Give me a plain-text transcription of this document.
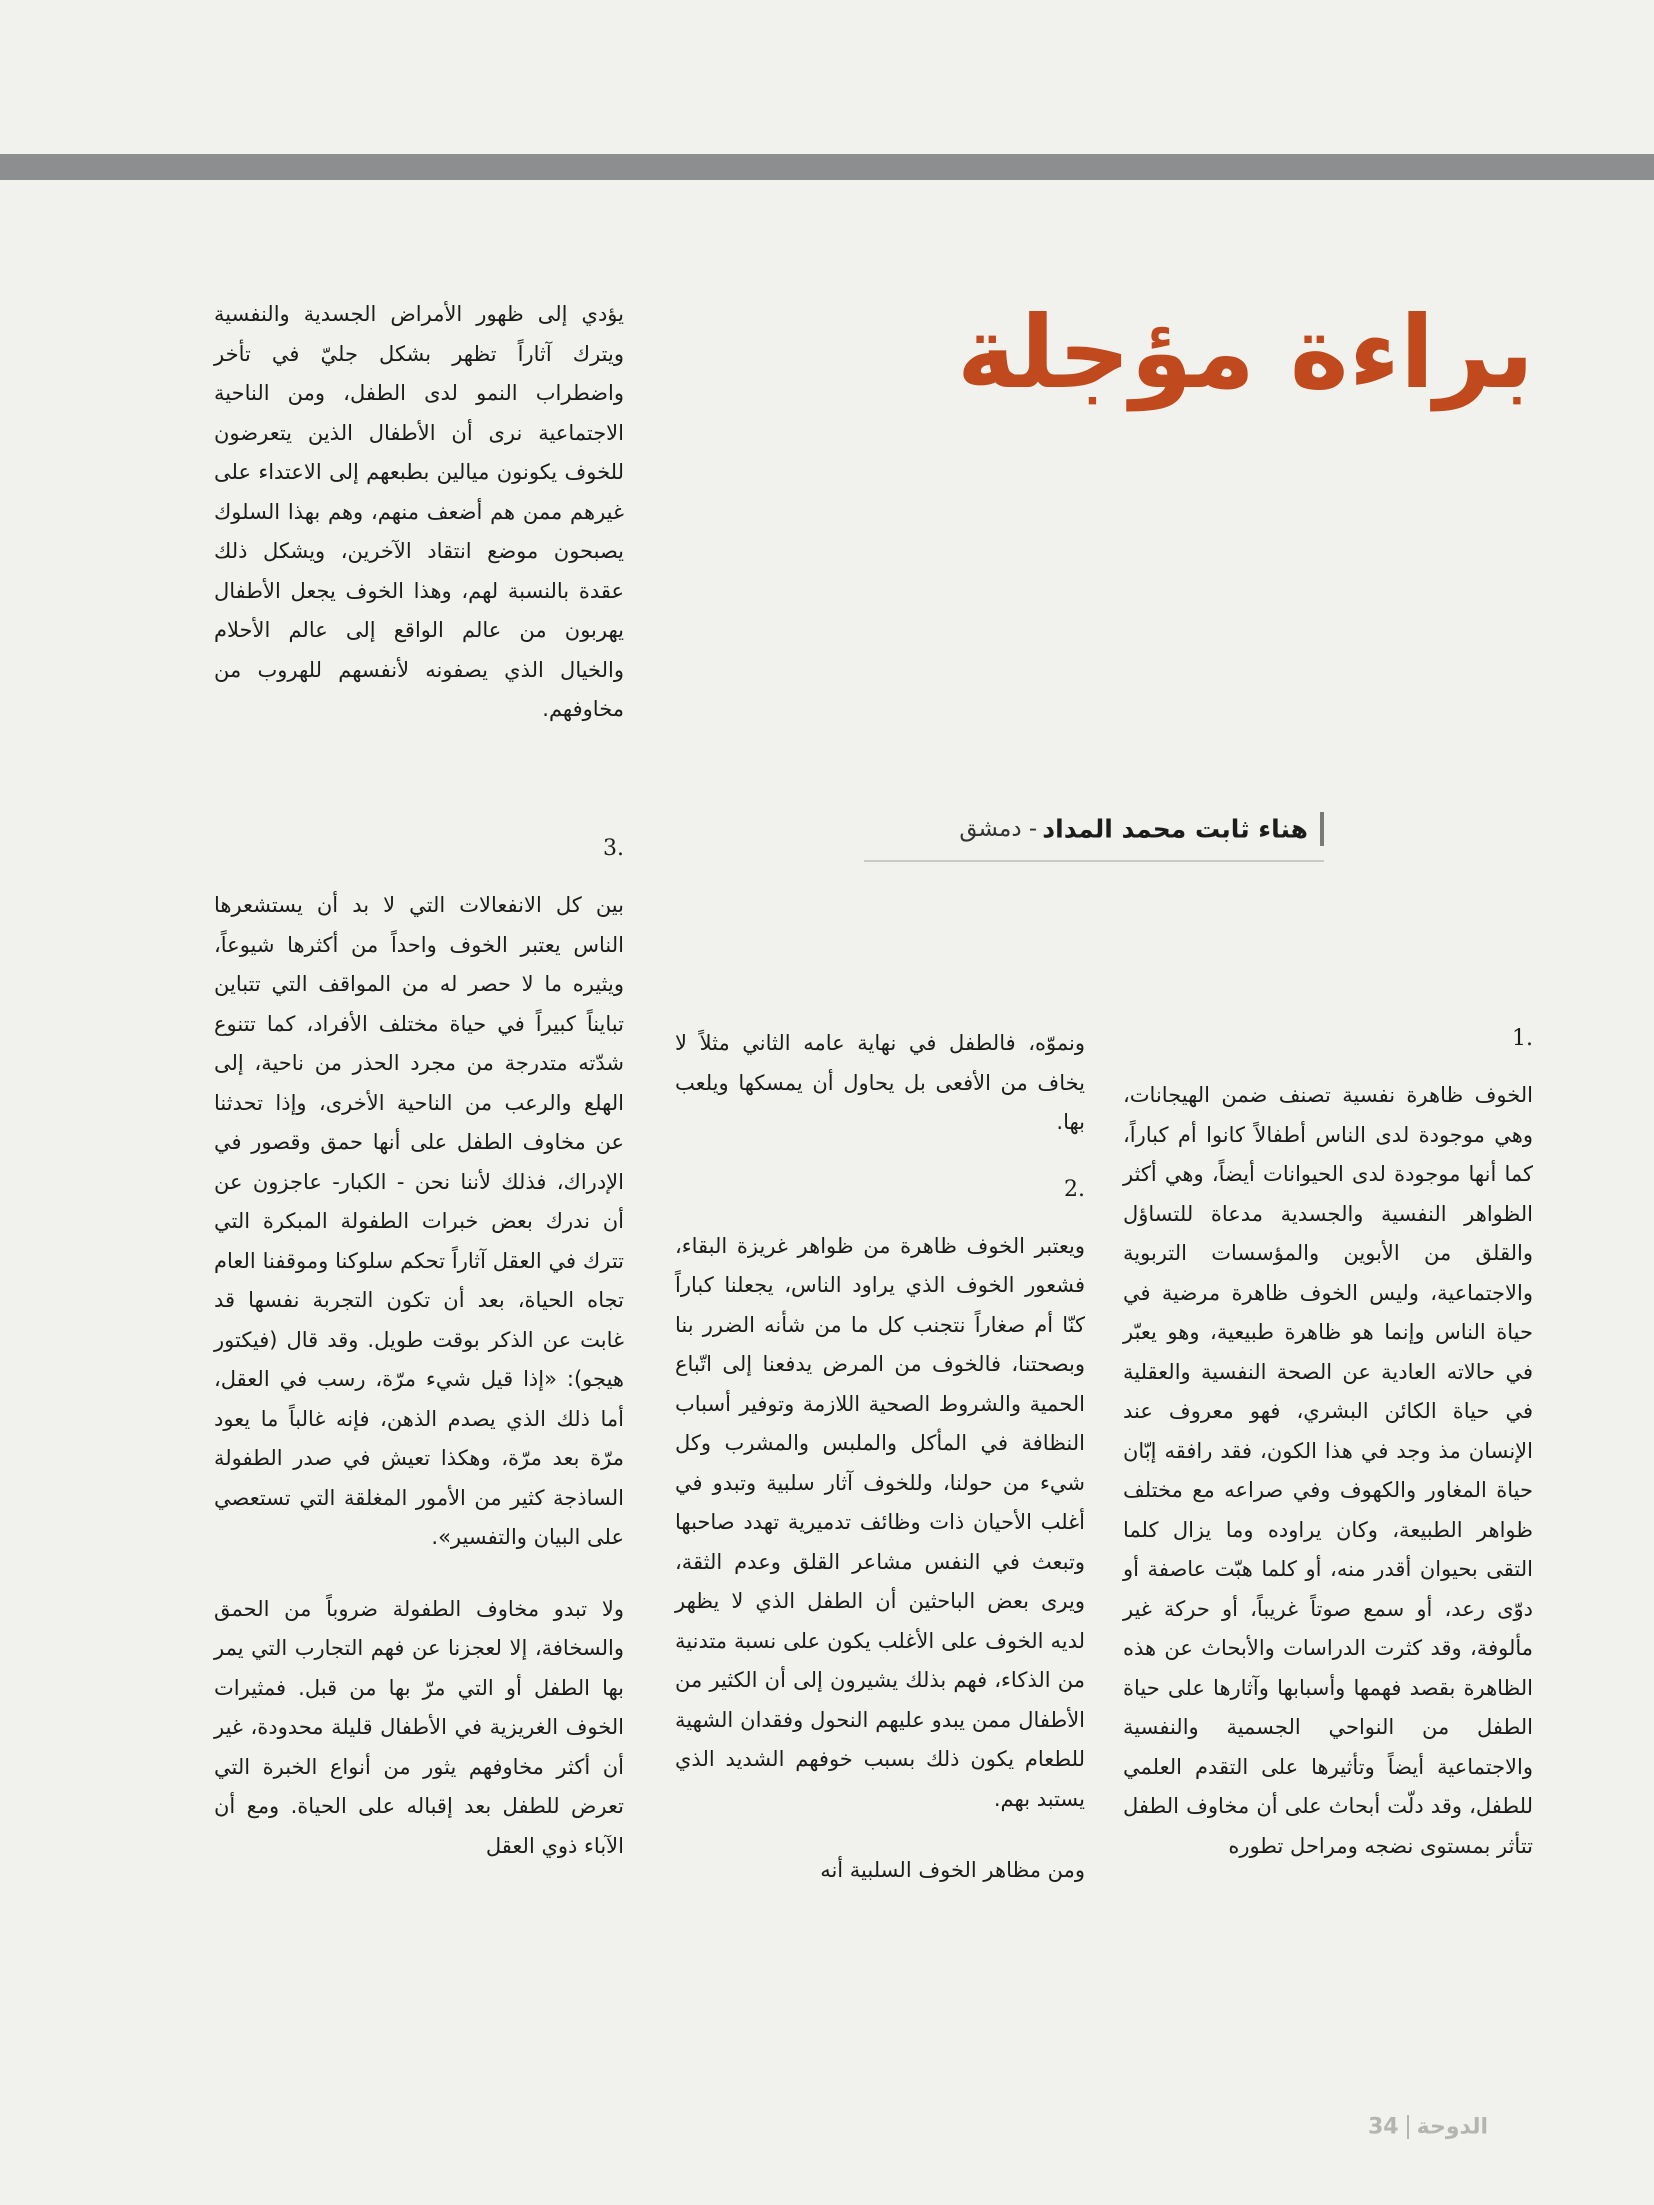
براءة مؤجلة
هناء ثابت محمد المداد - دمشق
1.

الخوف ظاهرة نفسية تصنف ضمن الهيجانات، وهي موجودة لدى الناس أطفالاً كانوا أم كباراً، كما أنها موجودة لدى الحيوانات أيضاً، وهي أكثر الظواهر النفسية والجسدية مدعاة للتساؤل والقلق من الأبوين والمؤسسات التربوية والاجتماعية، وليس الخوف ظاهرة مرضية في حياة الناس وإنما هو ظاهرة طبيعية، وهو يعبّر في حالاته العادية عن الصحة النفسية والعقلية في حياة الكائن البشري، فهو معروف عند الإنسان مذ وجد في هذا الكون، فقد رافقه إبّان حياة المغاور والكهوف وفي صراعه مع مختلف ظواهر الطبيعة، وكان يراوده وما يزال كلما التقى بحيوان أقدر منه، أو كلما هبّت عاصفة أو دوّى رعد، أو سمع صوتاً غريباً، أو حركة غير مألوفة، وقد كثرت الدراسات والأبحاث عن هذه الظاهرة بقصد فهمها وأسبابها وآثارها على حياة الطفل من النواحي الجسمية والنفسية والاجتماعية أيضاً وتأثيرها على التقدم العلمي للطفل، وقد دلّت أبحاث على أن مخاوف الطفل تتأثر بمستوى نضجه ومراحل تطوره

ونموّه، فالطفل في نهاية عامه الثاني مثلاً لا يخاف من الأفعى بل يحاول أن يمسكها ويلعب بها.

2.

ويعتبر الخوف ظاهرة من ظواهر غريزة البقاء، فشعور الخوف الذي يراود الناس، يجعلنا كباراً كنّا أم صغاراً نتجنب كل ما من شأنه الضرر بنا وبصحتنا، فالخوف من المرض يدفعنا إلى اتّباع الحمية والشروط الصحية اللازمة وتوفير أسباب النظافة في المأكل والملبس والمشرب وكل شيء من حولنا، وللخوف آثار سلبية وتبدو في أغلب الأحيان ذات وظائف تدميرية تهدد صاحبها وتبعث في النفس مشاعر القلق وعدم الثقة، ويرى بعض الباحثين أن الطفل الذي لا يظهر لديه الخوف على الأغلب يكون على نسبة متدنية من الذكاء، فهم بذلك يشيرون إلى أن الكثير من الأطفال ممن يبدو عليهم النحول وفقدان الشهية للطعام يكون ذلك بسبب خوفهم الشديد الذي يستبد بهم.

ومن مظاهر الخوف السلبية أنه

يؤدي إلى ظهور الأمراض الجسدية والنفسية ويترك آثاراً تظهر بشكل جليّ في تأخر واضطراب النمو لدى الطفل، ومن الناحية الاجتماعية نرى أن الأطفال الذين يتعرضون للخوف يكونون ميالين بطبعهم إلى الاعتداء على غيرهم ممن هم أضعف منهم، وهم بهذا السلوك يصبحون موضع انتقاد الآخرين، ويشكل ذلك عقدة بالنسبة لهم، وهذا الخوف يجعل الأطفال يهربون من عالم الواقع إلى عالم الأحلام والخيال الذي يصفونه لأنفسهم للهروب من مخاوفهم.

3.

بين كل الانفعالات التي لا بد أن يستشعرها الناس يعتبر الخوف واحداً من أكثرها شيوعاً، ويثيره ما لا حصر له من المواقف التي تتباين تبايناً كبيراً في حياة مختلف الأفراد، كما تتنوع شدّته متدرجة من مجرد الحذر من ناحية، إلى الهلع والرعب من الناحية الأخرى، وإذا تحدثنا عن مخاوف الطفل على أنها حمق وقصور في الإدراك، فذلك لأننا نحن - الكبار- عاجزون عن أن ندرك بعض خبرات الطفولة المبكرة التي تترك في العقل آثاراً تحكم سلوكنا وموقفنا العام تجاه الحياة، بعد أن تكون التجربة نفسها قد غابت عن الذكر بوقت طويل. وقد قال (فيكتور هيجو): «إذا قيل شيء مرّة، رسب في العقل، أما ذلك الذي يصدم الذهن، فإنه غالباً ما يعود مرّة بعد مرّة، وهكذا تعيش في صدر الطفولة الساذجة كثير من الأمور المغلقة التي تستعصي على البيان والتفسير».

ولا تبدو مخاوف الطفولة ضروباً من الحمق والسخافة، إلا لعجزنا عن فهم التجارب التي يمر بها الطفل أو التي مرّ بها من قبل. فمثيرات الخوف الغريزية في الأطفال قليلة محدودة، غير أن أكثر مخاوفهم يثور من أنواع الخبرة التي تعرض للطفل بعد إقباله على الحياة. ومع أن الآباء ذوي العقل

34 الدوحة
